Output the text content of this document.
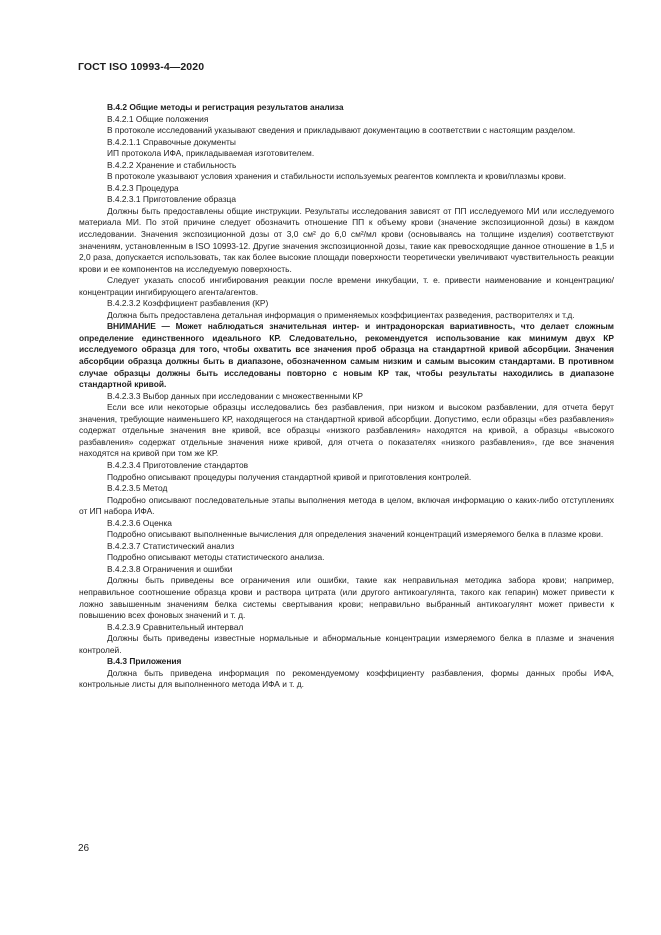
ГОСТ ISO 10993-4—2020

В.4.2 Общие методы и регистрация результатов анализа

В.4.2.1 Общие положения

В протоколе исследований указывают сведения и прикладывают документацию в соответствии с настоящим разделом.

В.4.2.1.1 Справочные документы

ИП протокола ИФА, прикладываемая изготовителем.

В.4.2.2 Хранение и стабильность

В протоколе указывают условия хранения и стабильности используемых реагентов комплекта и крови/плазмы крови.

В.4.2.3 Процедура

В.4.2.3.1 Приготовление образца

Должны быть предоставлены общие инструкции. Результаты исследования зависят от ПП исследуемого МИ или исследуемого материала МИ. По этой причине следует обозначить отношение ПП к объему крови (значение экспозиционной дозы) в каждом исследовании. Значения экспозиционной дозы от 3,0 см² до 6,0 см²/мл крови (основываясь на толщине изделия) соответствуют значениям, установленным в ISO 10993-12. Другие значения экспозиционной дозы, такие как превосходящие данное отношение в 1,5 и 2,0 раза, допускается использовать, так как более высокие площади поверхности теоретически увеличивают чувствительность реакции крови и ее компонентов на исследуемую поверхность.

Следует указать способ ингибирования реакции после времени инкубации, т. е. привести наименование и концентрацию/концентрации ингибирующего агента/агентов.

В.4.2.3.2 Коэффициент разбавления (КР)

Должна быть предоставлена детальная информация о применяемых коэффициентах разведения, растворителях и т.д.

ВНИМАНИЕ — Может наблюдаться значительная интер- и интрадонорская вариативность, что делает сложным определение единственного идеального КР. Следовательно, рекомендуется использование как минимум двух КР исследуемого образца для того, чтобы охватить все значения проб образца на стандартной кривой абсорбции. Значения абсорбции образца должны быть в диапазоне, обозначенном самым низким и самым высоким стандартами. В противном случае образцы должны быть исследованы повторно с новым КР так, чтобы результаты находились в диапазоне стандартной кривой.

В.4.2.3.3 Выбор данных при исследовании с множественными КР

Если все или некоторые образцы исследовались без разбавления, при низком и высоком разбавлении, для отчета берут значения, требующие наименьшего КР, находящегося на стандартной кривой абсорбции. Допустимо, если образцы «без разбавления» содержат отдельные значения вне кривой, все образцы «низкого разбавления» находятся на кривой, а образцы «высокого разбавления» содержат отдельные значения ниже кривой, для отчета о показателях «низкого разбавления», где все значения находятся на кривой при том же КР.

В.4.2.3.4 Приготовление стандартов

Подробно описывают процедуры получения стандартной кривой и приготовления контролей.

В.4.2.3.5 Метод

Подробно описывают последовательные этапы выполнения метода в целом, включая информацию о каких-либо отступлениях от ИП набора ИФА.

В.4.2.3.6 Оценка

Подробно описывают выполненные вычисления для определения значений концентраций измеряемого белка в плазме крови.

В.4.2.3.7 Статистический анализ

Подробно описывают методы статистического анализа.

В.4.2.3.8 Ограничения и ошибки

Должны быть приведены все ограничения или ошибки, такие как неправильная методика забора крови; например, неправильное соотношение образца крови и раствора цитрата (или другого антикоагулянта, такого как гепарин) может привести к ложно завышенным значениям белка системы свертывания крови; неправильно выбранный антикоагулянт может привести к повышению всех фоновых значений и т. д.

В.4.2.3.9 Сравнительный интервал

Должны быть приведены известные нормальные и абнормальные концентрации измеряемого белка в плазме и значения контролей.

В.4.3 Приложения

Должна быть приведена информация по рекомендуемому коэффициенту разбавления, формы данных пробы ИФА, контрольные листы для выполненного метода ИФА и т. д.

26
